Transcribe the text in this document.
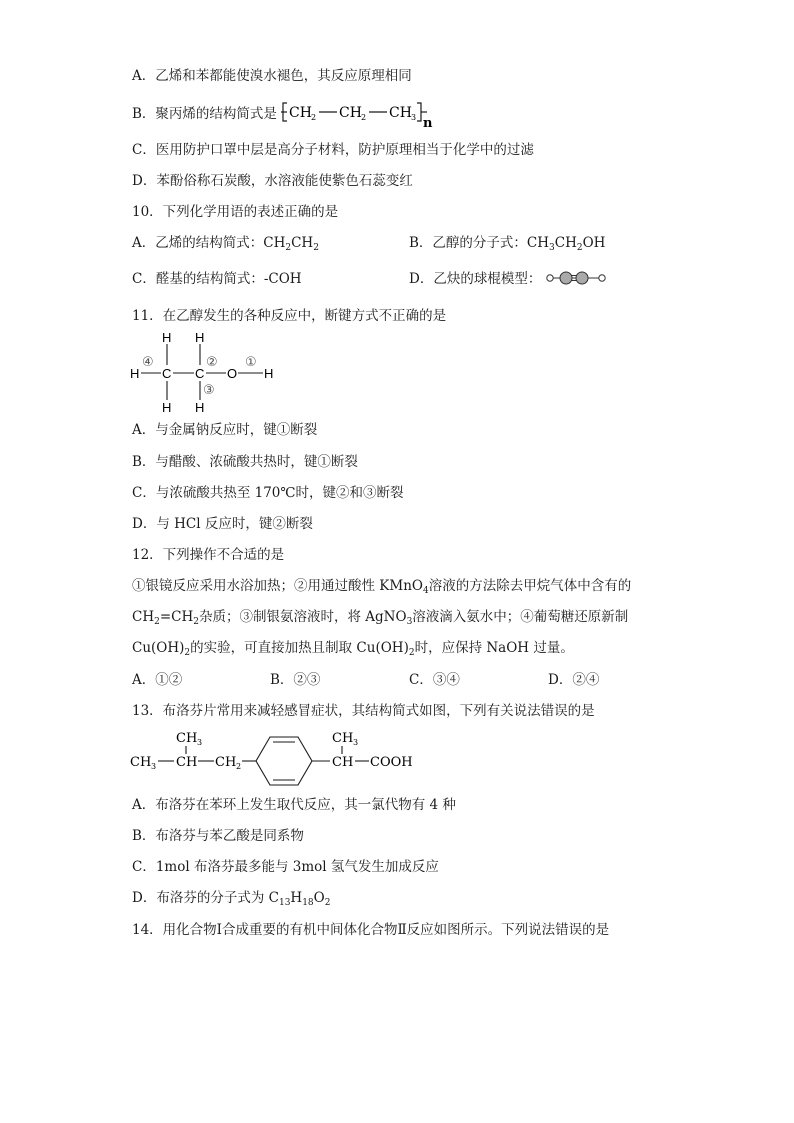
A．乙烯和苯都能使溴水褪色，其反应原理相同
B．聚丙烯的结构简式是 CH 2 CH 2 CH 3 n
C．医用防护口罩中层是高分子材料，防护原理相当于化学中的过滤
D．苯酚俗称石炭酸，水溶液能使紫色石蕊变红
10．下列化学用语的表述正确的是
A．乙烯的结构简式：$CH_2CH_2$	B．乙醇的分子式：$CH_3CH_2OH$
C．醛基的结构简式：-COH	D．乙炔的球棍模型：
11．在乙醇发生的各种反应中，断键方式不正确的是
H C
H
H
④
C
H
H
②
③
O
①
H
A．与金属钠反应时，键①断裂
B．与醋酸、浓硫酸共热时，键①断裂
C．与浓硫酸共热至 170℃时，键②和③断裂
D．与 HCl 反应时，键②断裂
12．下列操作不合适的是
①银镜反应采用水浴加热；②用通过酸性 KMnO$_4$溶液的方法除去甲烷气体中含有的
$CH_2=CH_2$杂质；③制银氨溶液时，将 AgNO$_3$溶液滴入氨水中；④葡萄糖还原新制
$Cu(OH)_2$的实验，可直接加热且制取 $Cu(OH)_2$时，应保持 NaOH 过量。
A．①②	B．②③	C．③④	D．②④
13．布洛芬片常用来减轻感冒症状，其结构简式如图，下列有关说法错误的是
CH 3
CH 3 CH CH 2
CH 3
CH COOH
A．布洛芬在苯环上发生取代反应，其一氯代物有 4 种
B．布洛芬与苯乙酸是同系物
C．1mol 布洛芬最多能与 3mol 氢气发生加成反应
D．布洛芬的分子式为 $C_{13}H_{18}O_2$
14．用化合物Ⅰ合成重要的有机中间体化合物Ⅱ反应如图所示。下列说法错误的是
